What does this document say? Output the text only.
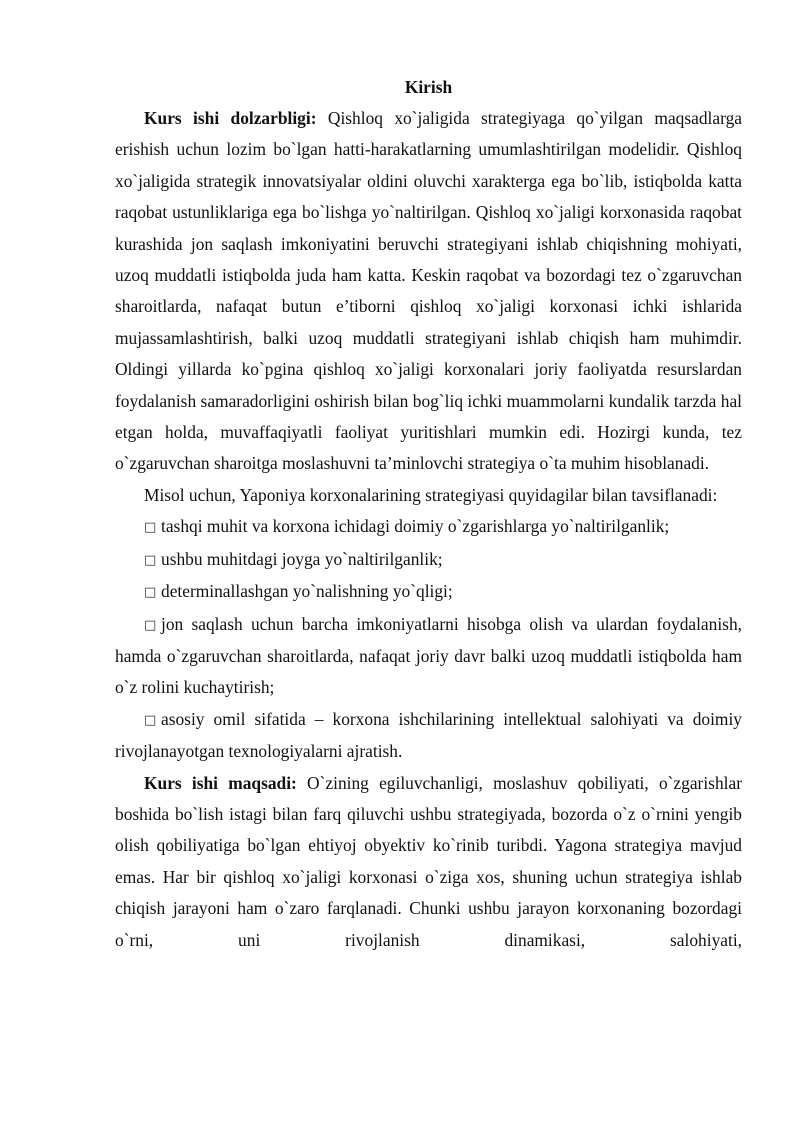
Kirish

Kurs ishi dolzarbligi: Qishloq xo`jaligida strategiyaga qo`yilgan maqsadlarga erishish uchun lozim bo`lgan hatti-harakatlarning umumlashtirilgan modelidir. Qishloq xo`jaligida strategik innovatsiyalar oldini oluvchi xarakterga ega bo`lib, istiqbolda katta raqobat ustunliklariga ega bo`lishga yo`naltirilgan. Qishloq xo`jaligi korxonasida raqobat kurashida jon saqlash imkoniyatini beruvchi strategiyani ishlab chiqishning mohiyati, uzoq muddatli istiqbolda juda ham katta. Keskin raqobat va bozordagi tez o`zgaruvchan sharoitlarda, nafaqat butun e’tiborni qishloq xo`jaligi korxonasi ichki ishlarida mujassamlashtirish, balki uzoq muddatli strategiyani ishlab chiqish ham muhimdir. Oldingi yillarda ko`pgina qishloq xo`jaligi korxonalari joriy faoliyatda resurslardan foydalanish samaradorligini oshirish bilan bog`liq ichki muammolarni kundalik tarzda hal etgan holda, muvaffaqiyatli faoliyat yuritishlari mumkin edi. Hozirgi kunda, tez o`zgaruvchan sharoitga moslashuvni ta’minlovchi strategiya o`ta muhim hisoblanadi.

Misol uchun, Yaponiya korxonalarining strategiyasi quyidagilar bilan tavsiflanadi:

□ tashqi muhit va korxona ichidagi doimiy o`zgarishlarga yo`naltirilganlik;
□ ushbu muhitdagi joyga yo`naltirilganlik;
□ determinallashgan yo`nalishning yo`qligi;
□ jon saqlash uchun barcha imkoniyatlarni hisobga olish va ulardan foydalanish, hamda o`zgaruvchan sharoitlarda, nafaqat joriy davr balki uzoq muddatli istiqbolda ham o`z rolini kuchaytirish;
□ asosiy omil sifatida – korxona ishchilarining intellektual salohiyati va doimiy rivojlanayotgan texnologiyalarni ajratish.

Kurs ishi maqsadi: O`zining egiluvchanligi, moslashuv qobiliyati, o`zgarishlar boshida bo`lish istagi bilan farq qiluvchi ushbu strategiyada, bozorda o`z o`rnini yengib olish qobiliyatiga bo`lgan ehtiyoj obyektiv ko`rinib turibdi. Yagona strategiya mavjud emas. Har bir qishloq xo`jaligi korxonasi o`ziga xos, shuning uchun strategiya ishlab chiqish jarayoni ham o`zaro farqlanadi. Chunki ushbu jarayon korxonaning bozordagi o`rni, uni rivojlanish dinamikasi, salohiyati,
